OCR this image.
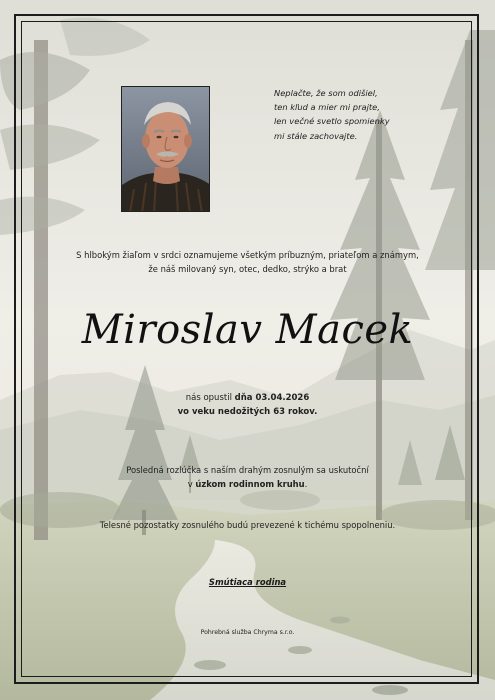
Neplačte, že som odišiel,
ten kľud a mier mi prajte,
len večné svetlo spomienky
mi stále zachovajte.
S hlbokým žiaľom v srdci oznamujeme všetkým príbuzným, priateľom a známym,
že náš milovaný syn, otec, dedko, strýko a brat
Miroslav Macek
nás opustil dňa 03.04.2026
vo veku nedožitých 63 rokov.
Posledná rozlúčka s naším drahým zosnulým sa uskutoční
v úzkom rodinnom kruhu.
Telesné pozostatky zosnulého budú prevezené k tichému spopolneniu.
Smútiaca rodina
Pohrebná služba Chryma s.r.o.
